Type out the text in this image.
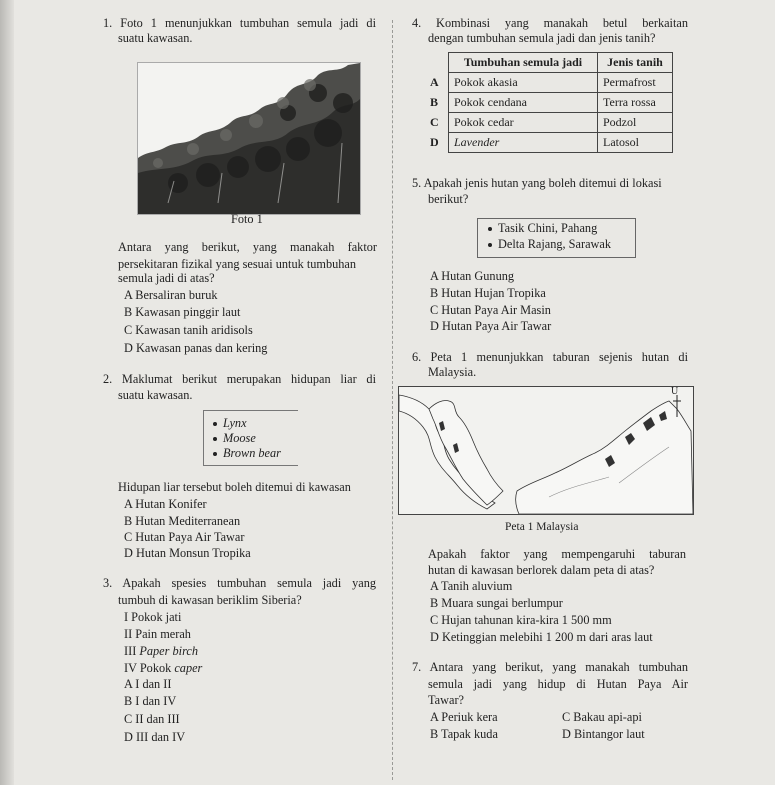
1. Foto 1 menunjukkan tumbuhan semula jadi di
suatu kawasan.
Foto 1
Antara yang berikut, yang manakah faktor
persekitaran fizikal yang sesuai untuk tumbuhan
semula jadi di atas?
A Bersaliran buruk
B Kawasan pinggir laut
C Kawasan tanih aridisols
D Kawasan panas dan kering
2. Maklumat berikut merupakan hidupan liar di
suatu kawasan.
Lynx
Moose
Brown bear
Hidupan liar tersebut boleh ditemui di kawasan
A Hutan Konifer
B Hutan Mediterranean
C Hutan Paya Air Tawar
D Hutan Monsun Tropika
3. Apakah spesies tumbuhan semula jadi yang
tumbuh di kawasan beriklim Siberia?
I Pokok jati
II Pain merah
III Paper birch
IV Pokok caper
A I dan II
B I dan IV
C II dan III
D III dan IV
4. Kombinasi yang manakah betul berkaitan
dengan tumbuhan semula jadi dan jenis tanih?
	Tumbuhan semula jadi	Jenis tanih
A	Pokok akasia	Permafrost
B	Pokok cendana	Terra rossa
C	Pokok cedar	Podzol
D	Lavender	Latosol
5. Apakah jenis hutan yang boleh ditemui di lokasi
berikut?
Tasik Chini, Pahang
Delta Rajang, Sarawak
A Hutan Gunung
B Hutan Hujan Tropika
C Hutan Paya Air Masin
D Hutan Paya Air Tawar
6. Peta 1 menunjukkan taburan sejenis hutan di
Malaysia.
U
Peta 1 Malaysia
Apakah faktor yang mempengaruhi taburan
hutan di kawasan berlorek dalam peta di atas?
A Tanih aluvium
B Muara sungai berlumpur
C Hujan tahunan kira-kira 1 500 mm
D Ketinggian melebihi 1 200 m dari aras laut
7. Antara yang berikut, yang manakah tumbuhan
semula jadi yang hidup di Hutan Paya Air
Tawar?
A Periuk kera
B Tapak kuda
C Bakau api-api
D Bintangor laut
